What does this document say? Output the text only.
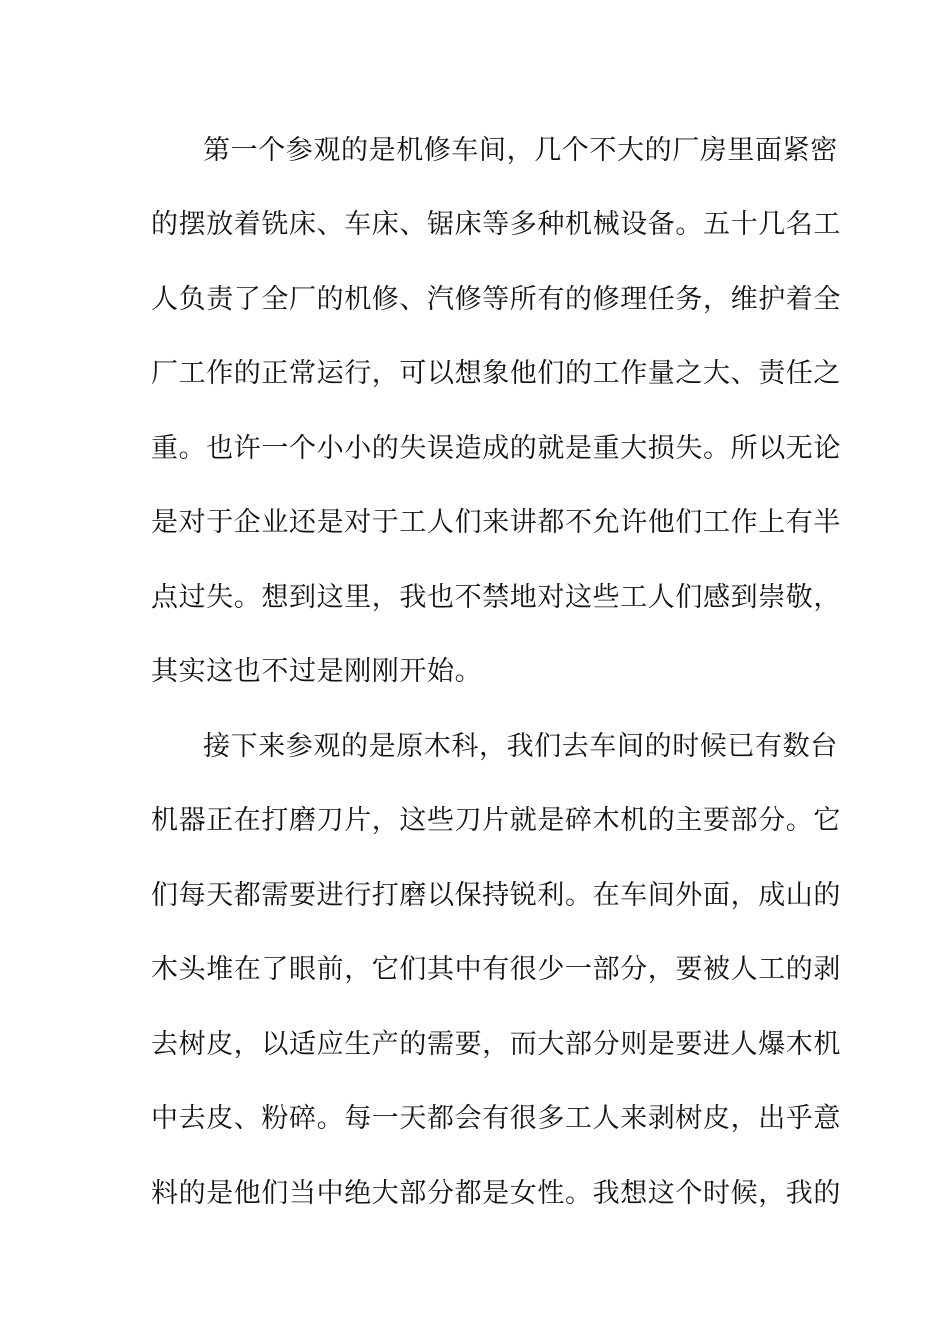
第一个参观的是机修车间，几个不大的厂房里面紧密
的摆放着铣床、车床、锯床等多种机械设备。五十几名工
人负责了全厂的机修、汽修等所有的修理任务，维护着全
厂工作的正常运行，可以想象他们的工作量之大、责任之
重。也许一个小小的失误造成的就是重大损失。所以无论
是对于企业还是对于工人们来讲都不允许他们工作上有半
点过失。想到这里，我也不禁地对这些工人们感到崇敬，
其实这也不过是刚刚开始。
接下来参观的是原木科，我们去车间的时候已有数台
机器正在打磨刀片，这些刀片就是碎木机的主要部分。它
们每天都需要进行打磨以保持锐利。在车间外面，成山的
木头堆在了眼前，它们其中有很少一部分，要被人工的剥
去树皮，以适应生产的需要，而大部分则是要进人爆木机
中去皮、粉碎。每一天都会有很多工人来剥树皮，出乎意
料的是他们当中绝大部分都是女性。我想这个时候，我的
